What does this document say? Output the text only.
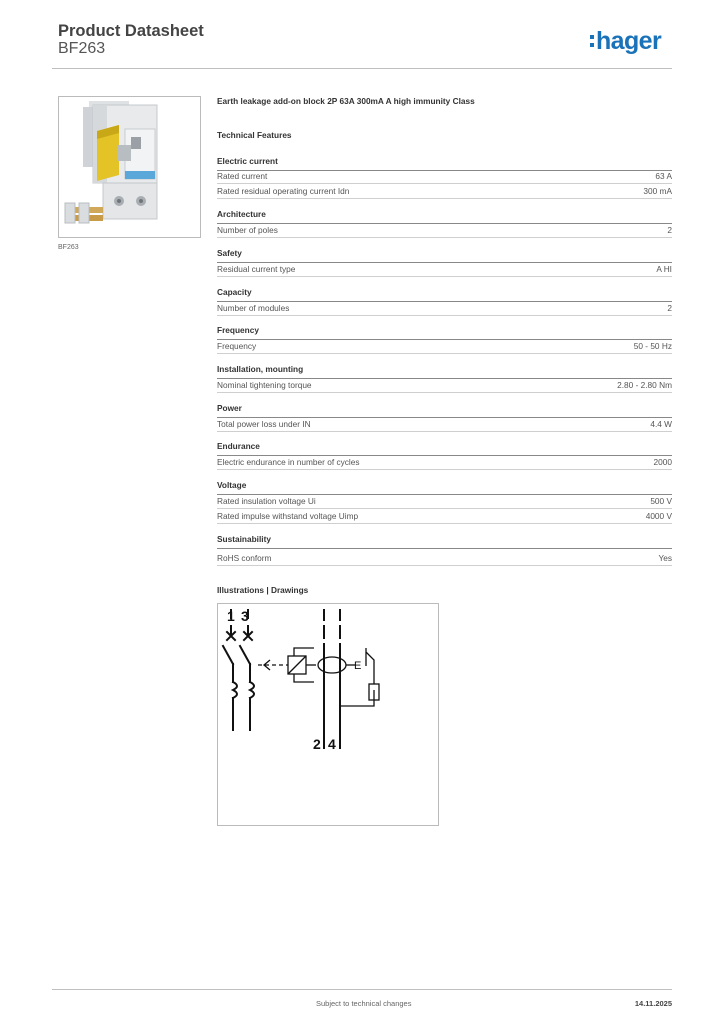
Product Datasheet
BF263	hager
BF263
Earth leakage add-on block 2P 63A 300mA A high immunity Class
Technical Features
Electric current
Rated current	63 A
Rated residual operating current Idn	300 mA
Architecture
Number of poles	2
Safety
Residual current type	A HI
Capacity
Number of modules	2
Frequency
Frequency	50 - 50 Hz
Installation, mounting
Nominal tightening torque	2.80 - 2.80 Nm
Power
Total power loss under IN	4.4 W
Endurance
Electric endurance in number of cycles	2000
Voltage
Rated insulation voltage Ui	500 V
Rated impulse withstand voltage Uimp	4000 V
Sustainability
RoHS conform	Yes
Illustrations | Drawings
1 3
2 4
E
Subject to technical changes	14.11.2025
